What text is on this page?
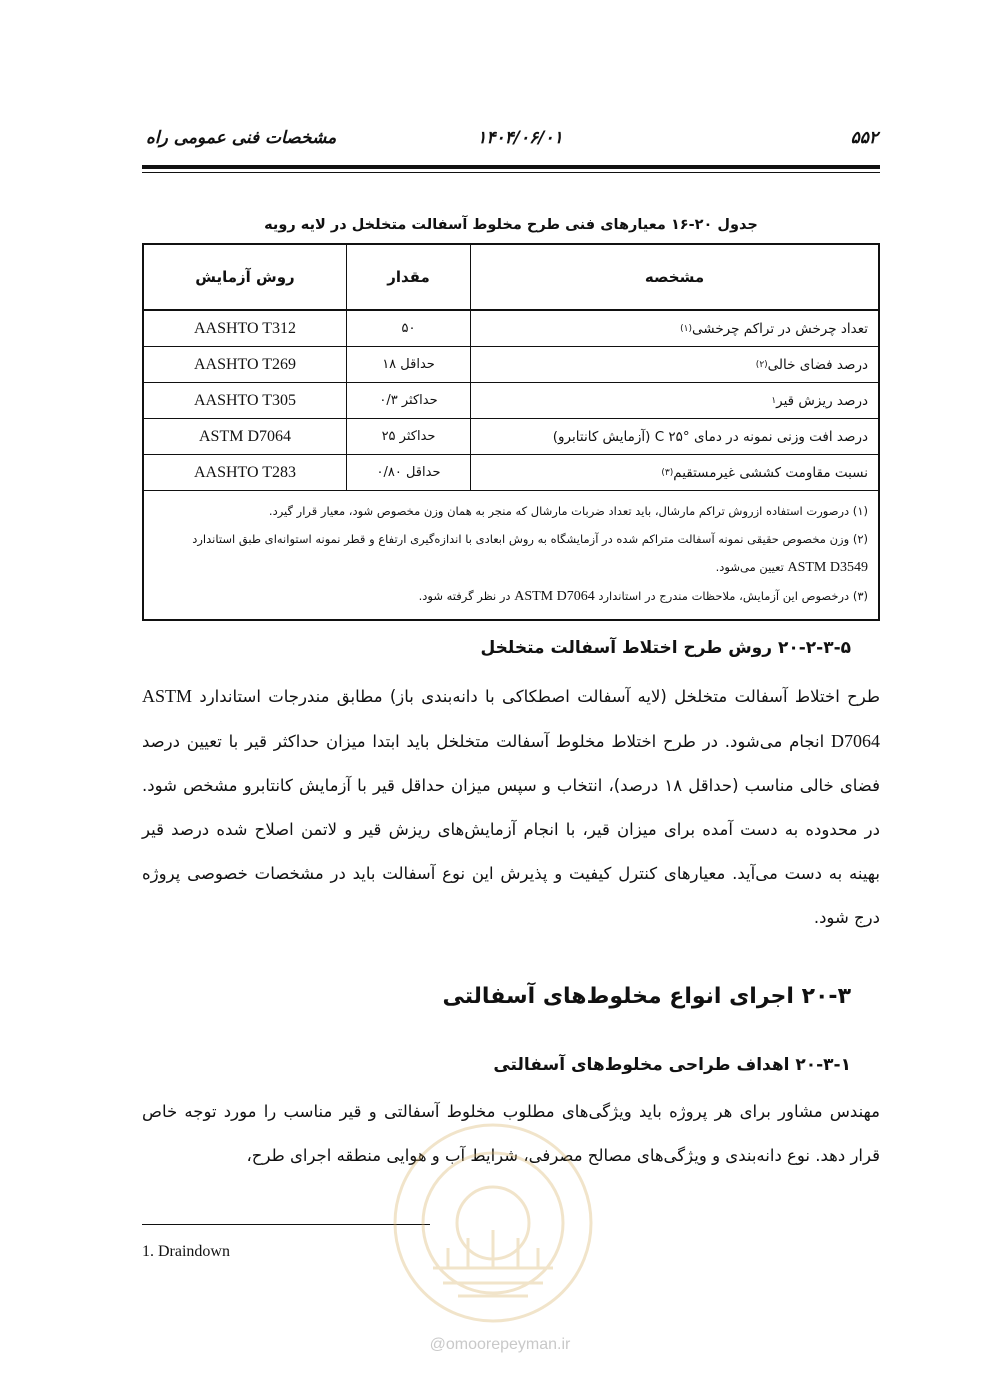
مشخصات فنی عمومی راه	۱۴۰۴/۰۶/۰۱	۵۵۲
جدول ۲۰-۱۶ معیارهای فنی طرح مخلوط آسفالت متخلخل در لایه رویه
مشخصه
مقدار
روش آزمایش
تعداد چرخش در تراکم چرخشی
(۱)
۵۰
AASHTO T312
درصد فضای خالی
(۲)
حداقل ۱۸
AASHTO T269
درصد ریزش قیر
۱
حداکثر ۰/۳
AASHTO T305
درصد افت وزنی نمونه در دمای °C ۲۵ (آزمایش کانتابرو)
حداکثر ۲۵
ASTM D7064
نسبت مقاومت کششی غیرمستقیم
(۳)
حداقل ۰/۸۰
AASHTO T283
(۱) درصورت استفاده ازروش تراکم مارشال، باید تعداد ضربات مارشال که منجر به همان وزن مخصوص شود، معیار قرار گیرد.
(۲) وزن مخصوص حقیقی نمونه آسفالت متراکم شده در آزمایشگاه به روش ابعادی با اندازه‌گیری ارتفاع و قطر نمونه استوانه‌ای طبق استاندارد ASTM D3549 تعیین می‌شود.
(۳) درخصوص این آزمایش، ملاحظات مندرج در استاندارد ASTM D7064 در نظر گرفته شود.
۲۰-۲-۳-۵ روش طرح اختلاط آسفالت متخلخل
طرح اختلاط آسفالت متخلخل (لایه آسفالت اصطکاکی با دانه‌بندی باز) مطابق مندرجات استاندارد ASTM D7064 انجام می‌شود. در طرح اختلاط مخلوط آسفالت متخلخل باید ابتدا میزان حداکثر قیر با تعیین درصد فضای خالی مناسب (حداقل ۱۸ درصد)، انتخاب و سپس میزان حداقل قیر با آزمایش کانتابرو مشخص شود. در محدوده به دست آمده برای میزان قیر، با انجام آزمایش‌های ریزش قیر و لاتمن اصلاح شده درصد قیر بهینه به دست می‌آید. معیارهای کنترل کیفیت و پذیرش این نوع آسفالت باید در مشخصات خصوصی پروژه درج شود.
۲۰-۳ اجرای انواع مخلوط‌های آسفالتی
۲۰-۳-۱ اهداف طراحی مخلوط‌های آسفالتی
مهندس مشاور برای هر پروژه باید ویژگی‌های مطلوب مخلوط آسفالتی و قیر مناسب را مورد توجه خاص قرار دهد. نوع دانه‌بندی و ویژگی‌های مصالح مصرفی، شرایط آب و هوایی منطقه اجرای طرح،
1. Draindown
@omoorepeyman.ir
